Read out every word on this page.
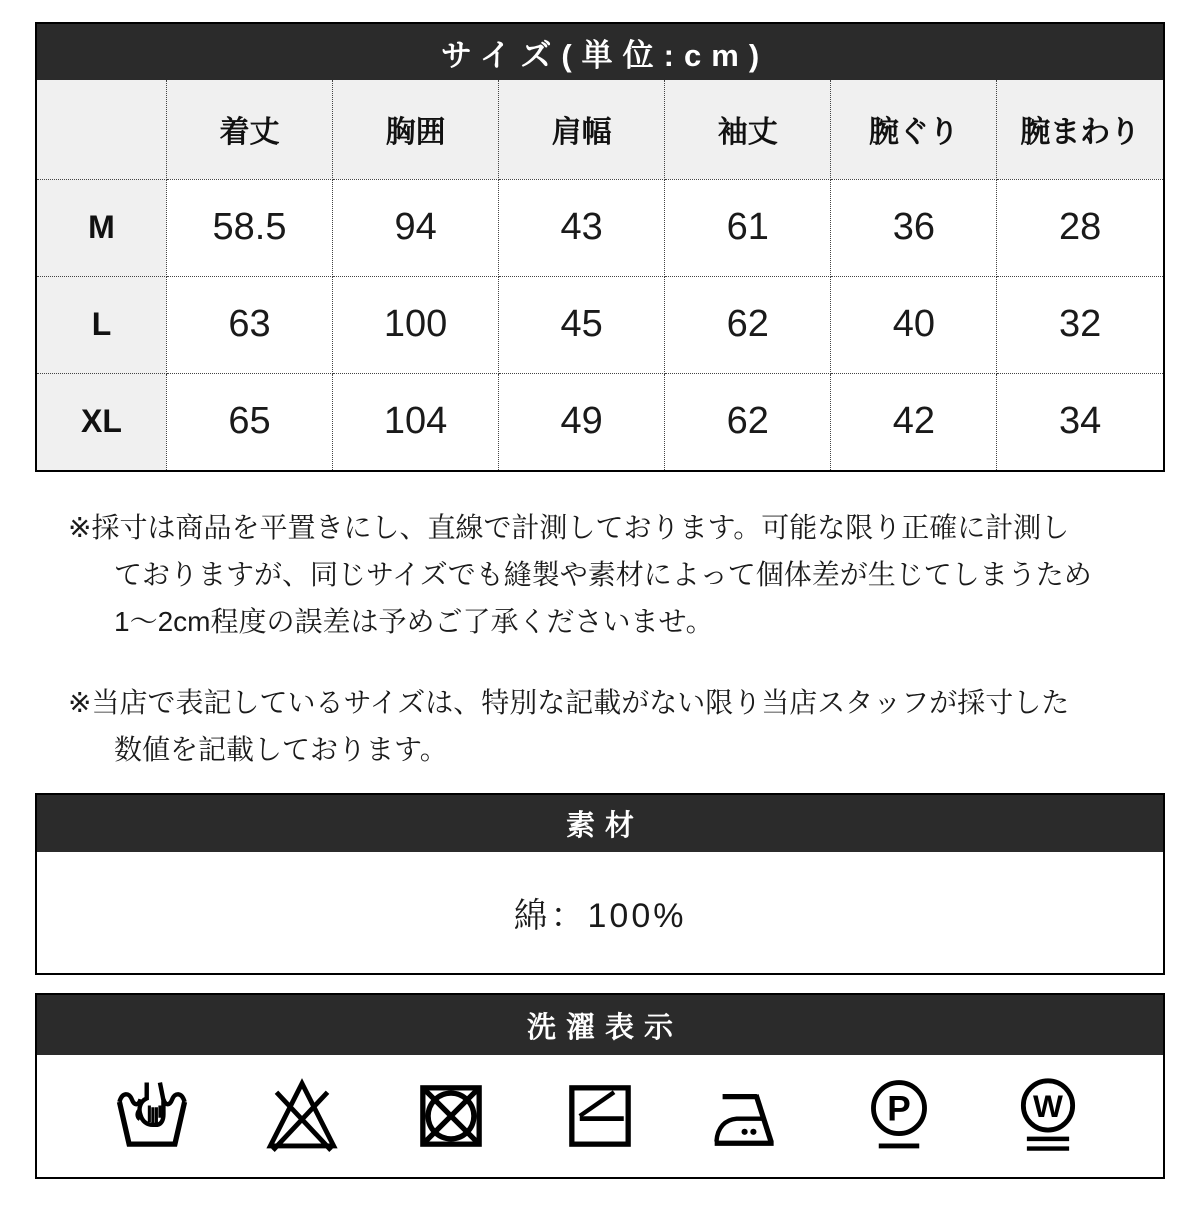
サイズ(単位:cm)
	着丈	胸囲	肩幅	袖丈	腕ぐり	腕まわり
M	58.5	94	43	61	36	28
L	63	100	45	62	40	32
XL	65	104	49	62	42	34
※採寸は商品を平置きにし、直線で計測しております。可能な限り正確に計測し
ておりますが、同じサイズでも縫製や素材によって個体差が生じてしまうため
1〜2cm程度の誤差は予めご了承くださいませ。
※当店で表記しているサイズは、特別な記載がない限り当店スタッフが採寸した
数値を記載しております。
素材
綿：100%
洗濯表示
P	W
